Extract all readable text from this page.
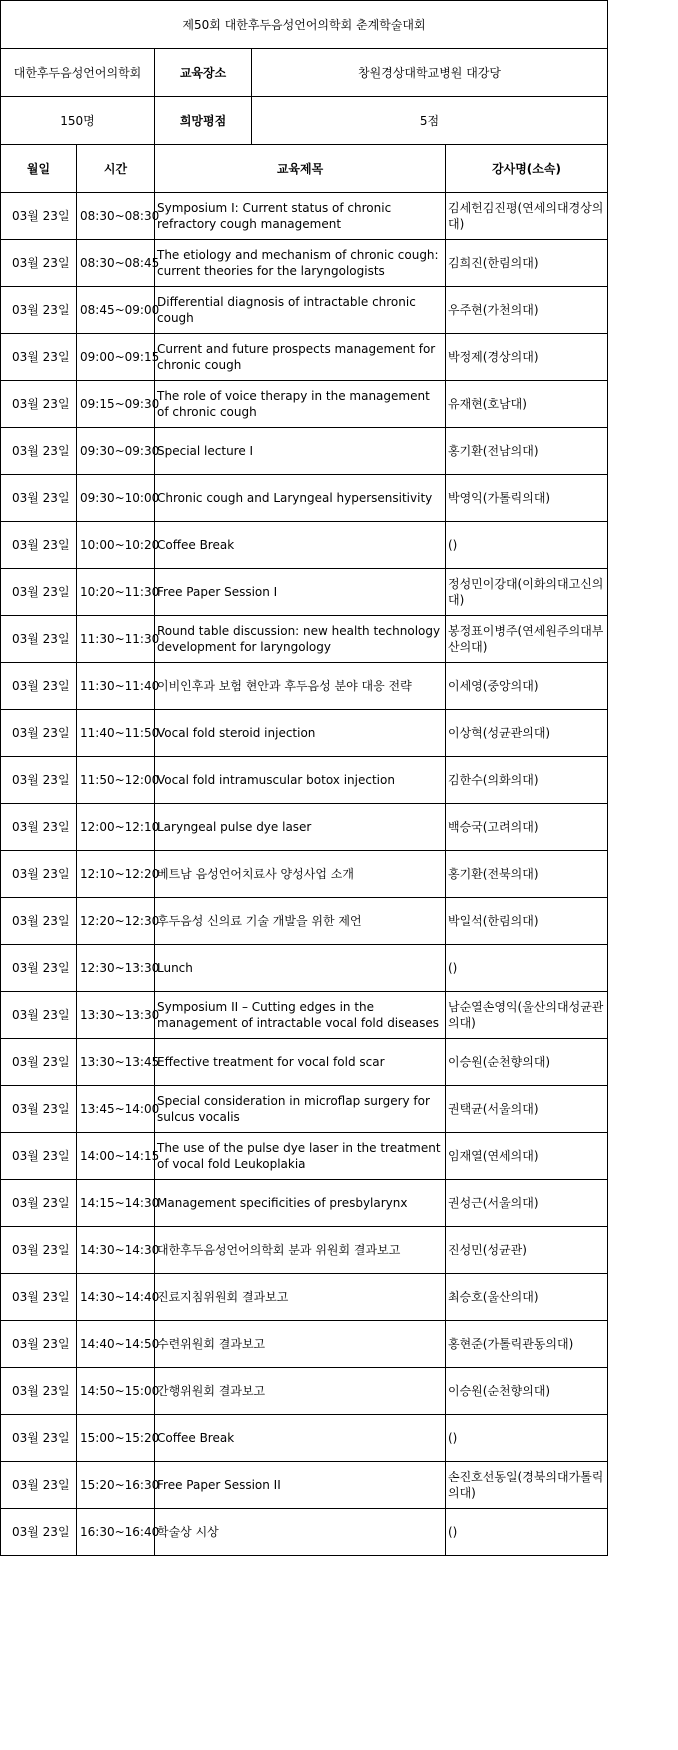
제50회 대한후두음성언어의학회 춘계학술대회				
대한후두음성언어의학회		교육장소	창원경상대학교병원 대강당	
150명		희망평점	5점	
월일	시간	교육제목		강사명(소속)
03월 23일	08:30~08:30	Symposium I: Current status of chronic refractory cough management		김세헌김진평(연세의대경상의대)
03월 23일	08:30~08:45	The etiology and mechanism of chronic cough: current theories for the laryngologists		김희진(한림의대)
03월 23일	08:45~09:00	Differential diagnosis of intractable chronic cough		우주현(가천의대)
03월 23일	09:00~09:15	Current and future prospects management for chronic cough		박정제(경상의대)
03월 23일	09:15~09:30	The role of voice therapy in the management of chronic cough		유재현(호남대)
03월 23일	09:30~09:30	Special lecture I		홍기환(전남의대)
03월 23일	09:30~10:00	Chronic cough and Laryngeal hypersensitivity		박영익(가톨릭의대)
03월 23일	10:00~10:20	Coffee Break		()
03월 23일	10:20~11:30	Free Paper Session I		정성민이강대(이화의대고신의대)
03월 23일	11:30~11:30	Round table discussion: new health technology development for laryngology		봉정표이병주(연세원주의대부산의대)
03월 23일	11:30~11:40	이비인후과 보험 현안과 후두음성 분야 대응 전략		이세영(중앙의대)
03월 23일	11:40~11:50	Vocal fold steroid injection		이상혁(성균관의대)
03월 23일	11:50~12:00	Vocal fold intramuscular botox injection		김한수(의화의대)
03월 23일	12:00~12:10	Laryngeal pulse dye laser		백승국(고려의대)
03월 23일	12:10~12:20	베트남 음성언어치료사 양성사업 소개		홍기환(전북의대)
03월 23일	12:20~12:30	후두음성 신의료 기술 개발을 위한 제언		박일석(한림의대)
03월 23일	12:30~13:30	Lunch		()
03월 23일	13:30~13:30	Symposium II – Cutting edges in the management of intractable vocal fold diseases		남순열손영익(울산의대성균관의대)
03월 23일	13:30~13:45	Effective treatment for vocal fold scar		이승원(순천향의대)
03월 23일	13:45~14:00	Special consideration in microflap surgery for sulcus vocalis		권택균(서울의대)
03월 23일	14:00~14:15	The use of the pulse dye laser in the treatment of vocal fold Leukoplakia		임재열(연세의대)
03월 23일	14:15~14:30	Management specificities of presbylarynx		권성근(서울의대)
03월 23일	14:30~14:30	대한후두음성언어의학회 분과 위원회 결과보고		진성민(성균관)
03월 23일	14:30~14:40	진료지침위원회 결과보고		최승호(울산의대)
03월 23일	14:40~14:50	수련위원회 결과보고		홍현준(가톨릭관동의대)
03월 23일	14:50~15:00	간행위원회 결과보고		이승원(순천향의대)
03월 23일	15:00~15:20	Coffee Break		()
03월 23일	15:20~16:30	Free Paper Session II		손진호선동일(경북의대가톨릭의대)
03월 23일	16:30~16:40	학술상 시상		()
